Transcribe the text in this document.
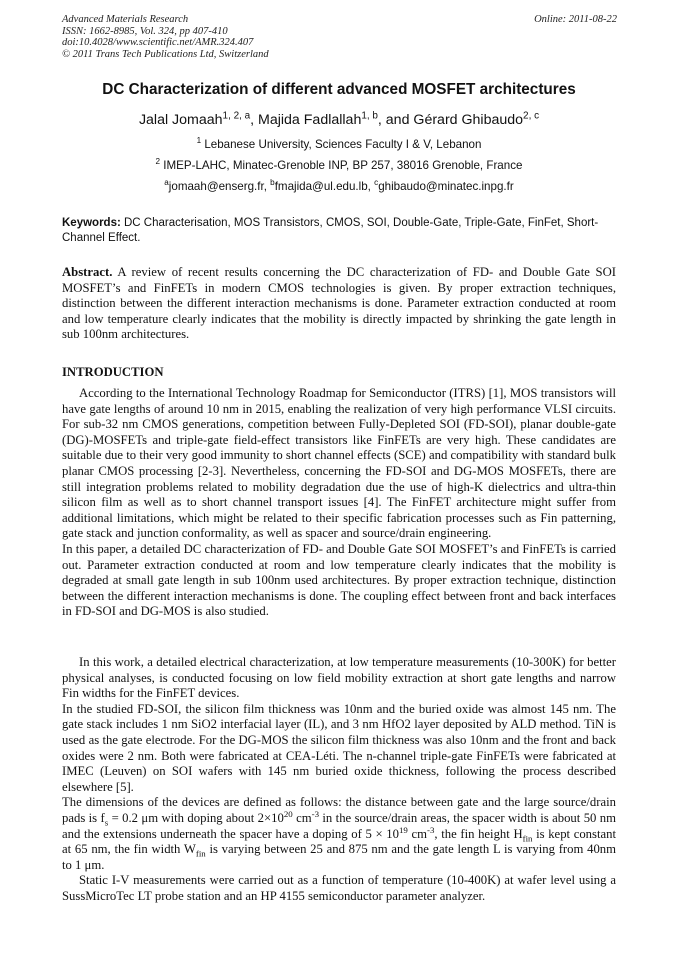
Advanced Materials Research	Online: 2011-08-22
ISSN: 1662-8985, Vol. 324, pp 407-410
doi:10.4028/www.scientific.net/AMR.324.407
© 2011 Trans Tech Publications Ltd, Switzerland
DC Characterization of different advanced MOSFET architectures
Jalal Jomaah$^{1, 2, a}$, Majida Fadlallah$^{1, b}$, and Gérard Ghibaudo$^{2, c}$
$^1$ Lebanese University, Sciences Faculty I & V, Lebanon
$^2$ IMEP-LAHC, Minatec-Grenoble INP, BP 257, 38016 Grenoble, France
$^a$jomaah@enserg.fr, $^b$fmajida@ul.edu.lb, $^c$ghibaudo@minatec.inpg.fr
Keywords: DC Characterisation, MOS Transistors, CMOS, SOI, Double-Gate, Triple-Gate, FinFet, Short-Channel Effect.
Abstract. A review of recent results concerning the DC characterization of FD- and Double Gate SOI MOSFET’s and FinFETs in modern CMOS technologies is given. By proper extraction techniques, distinction between the different interaction mechanisms is done. Parameter extraction conducted at room and low temperature clearly indicates that the mobility is directly impacted by shrinking the gate length in sub 100nm architectures.
INTRODUCTION

According to the International Technology Roadmap for Semiconductor (ITRS) [1], MOS transistors will have gate lengths of around 10 nm in 2015, enabling the realization of very high performance VLSI circuits. For sub-32 nm CMOS generations, competition between Fully-Depleted SOI (FD-SOI), planar double-gate (DG)-MOSFETs and triple-gate field-effect transistors like FinFETs are very high. These candidates are suitable due to their very good immunity to short channel effects (SCE) and compatibility with standard bulk planar CMOS processing [2-3]. Nevertheless, concerning the FD-SOI and DG-MOS MOSFETs, there are still integration problems related to mobility degradation due the use of high-K dielectrics and ultra-thin silicon film as well as to short channel transport issues [4]. The FinFET architecture might suffer from additional limitations, which might be related to their specific fabrication processes such as Fin patterning, gate stack and junction conformality, as well as spacer and source/drain engineering.

In this paper, a detailed DC characterization of FD- and Double Gate SOI MOSFET’s and FinFETs is carried out. Parameter extraction conducted at room and low temperature clearly indicates that the mobility is degraded at small gate length in sub 100nm used architectures. By proper extraction technique, distinction between the different interaction mechanisms is done. The coupling effect between front and back interfaces in FD-SOI and DG-MOS is also studied.

In this work, a detailed electrical characterization, at low temperature measurements (10-300K) for better physical analyses, is conducted focusing on low field mobility extraction at short gate lengths and narrow Fin widths for the FinFET devices.

In the studied FD-SOI, the silicon film thickness was 10nm and the buried oxide was almost 145 nm. The gate stack includes 1 nm SiO2 interfacial layer (IL), and 3 nm HfO2 layer deposited by ALD method. TiN is used as the gate electrode. For the DG-MOS the silicon film thickness was also 10nm and the front and back oxides were 2 nm. Both were fabricated at CEA-Léti. The n-channel triple-gate FinFETs were fabricated at IMEC (Leuven) on SOI wafers with 145 nm buried oxide thickness, following the process described elsewhere [5].

The dimensions of the devices are defined as follows: the distance between gate and the large source/drain pads is $f_s = 0.2$ μm with doping about $2\times 10^{20}$ $cm^{-3}$ in the source/drain areas, the spacer width is about 50 nm and the extensions underneath the spacer have a doping of $5 \times 10^{19}$ $cm^{-3}$, the fin height $H_{fin}$ is kept constant at 65 nm, the fin width $W_{fin}$ is varying between 25 and 875 nm and the gate length L is varying from 40nm to 1 μm.

Static I-V measurements were carried out as a function of temperature (10-400K) at wafer level using a SussMicroTec LT probe station and an HP 4155 semiconductor parameter analyzer.
